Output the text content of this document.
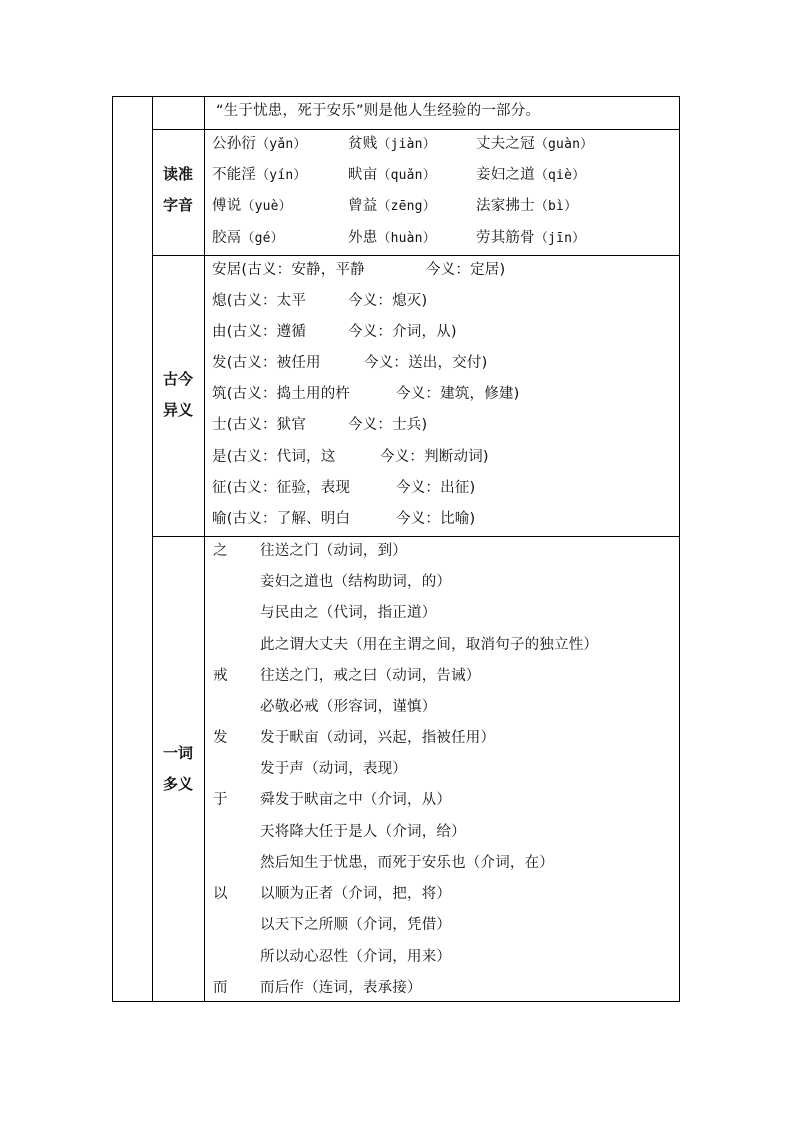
“生于忧患，死于安乐”则是他人生经验的一部分。
读准
字音
公孙衍（yǎn）	贫贱（jiàn）	丈夫之冠（guàn）
不能淫（yín）	畎亩（quǎn）	妾妇之道（qiè）
傅说（yuè）	曾益（zēng）	法家拂士（bì）
胶鬲（gé）	外患（huàn）	劳其筋骨（jīn）
古今
异义
安居(古义：安静，平静	今义：定居)
熄(古义：太平	今义：熄灭)
由(古义：遵循	今义：介词，从)
发(古义：被任用	今义：送出，交付)
筑(古义：捣土用的杵	今义：建筑，修建)
士(古义：狱官	今义：士兵)
是(古义：代词，这	今义：判断动词)
征(古义：征验，表现	今义：出征)
喻(古义：了解、明白	今义：比喻)
一词
多义
之 往送之门（动词，到）
妾妇之道也（结构助词，的）
与民由之（代词，指正道）
此之谓大丈夫（用在主谓之间，取消句子的独立性）
戒 往送之门，戒之曰（动词，告诫）
必敬必戒（形容词，谨慎）
发 发于畎亩（动词，兴起，指被任用）
发于声（动词，表现）
于 舜发于畎亩之中（介词，从）
天将降大任于是人（介词，给）
然后知生于忧患，而死于安乐也（介词，在）
以 以顺为正者（介词，把，将）
以天下之所顺（介词，凭借）
所以动心忍性（介词，用来）
而 而后作（连词，表承接）
